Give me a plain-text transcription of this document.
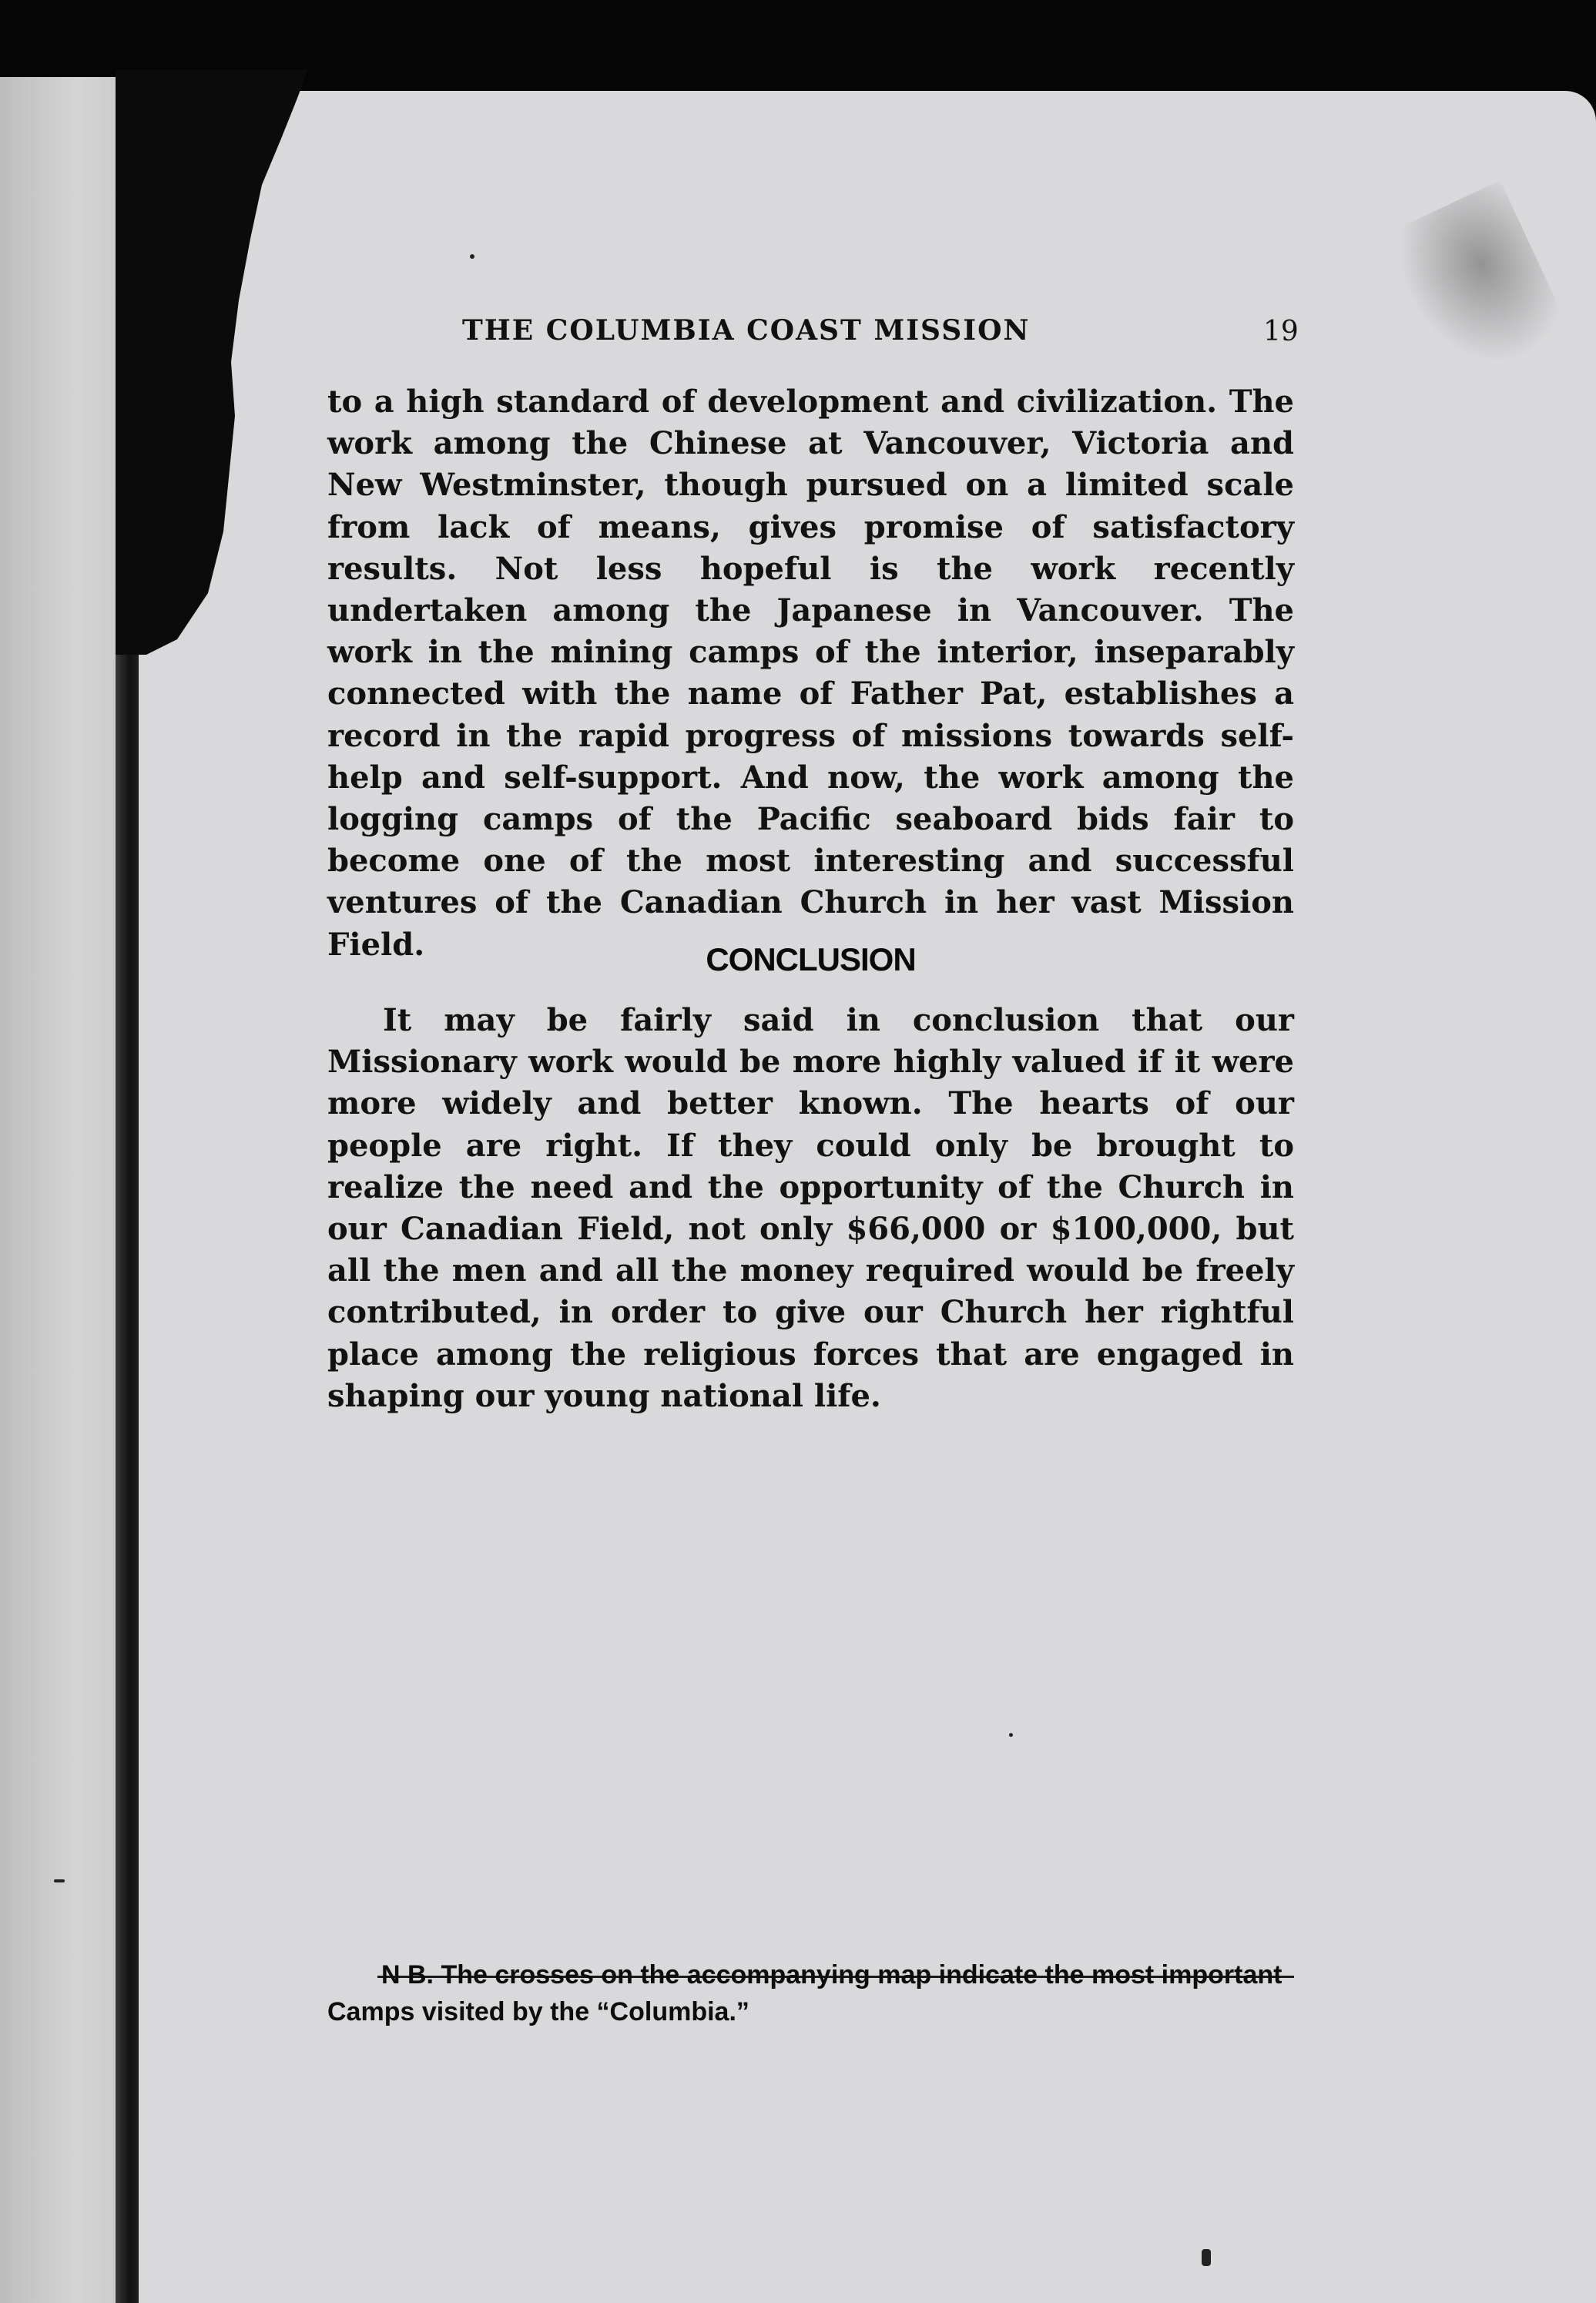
THE COLUMBIA COAST MISSION	19

to a high standard of development and civilization. The work among the Chinese at Vancouver, Victoria and New Westminster, though pursued on a limited scale from lack of means, gives promise of satisfactory results. Not less hopeful is the work recently undertaken among the Japanese in Vancouver. The work in the mining camps of the interior, inseparably connected with the name of Father Pat, establishes a record in the rapid progress of missions towards self-help and self-support. And now, the work among the logging camps of the Pacific seaboard bids fair to become one of the most interesting and successful ventures of the Canadian Church in her vast Mission Field.	CONCLUSION

It may be fairly said in conclusion that our Missionary work would be more highly valued if it were more widely and better known. The hearts of our people are right. If they could only be brought to realize the need and the opportunity of the Church in our Canadian Field, not only $66,000 or $100,000, but all the men and all the money required would be freely contributed, in order to give our Church her rightful place among the religious forces that are engaged in shaping our young national life.

N B. The crosses on the accompanying map indicate the most important Camps visited by the “Columbia.”
